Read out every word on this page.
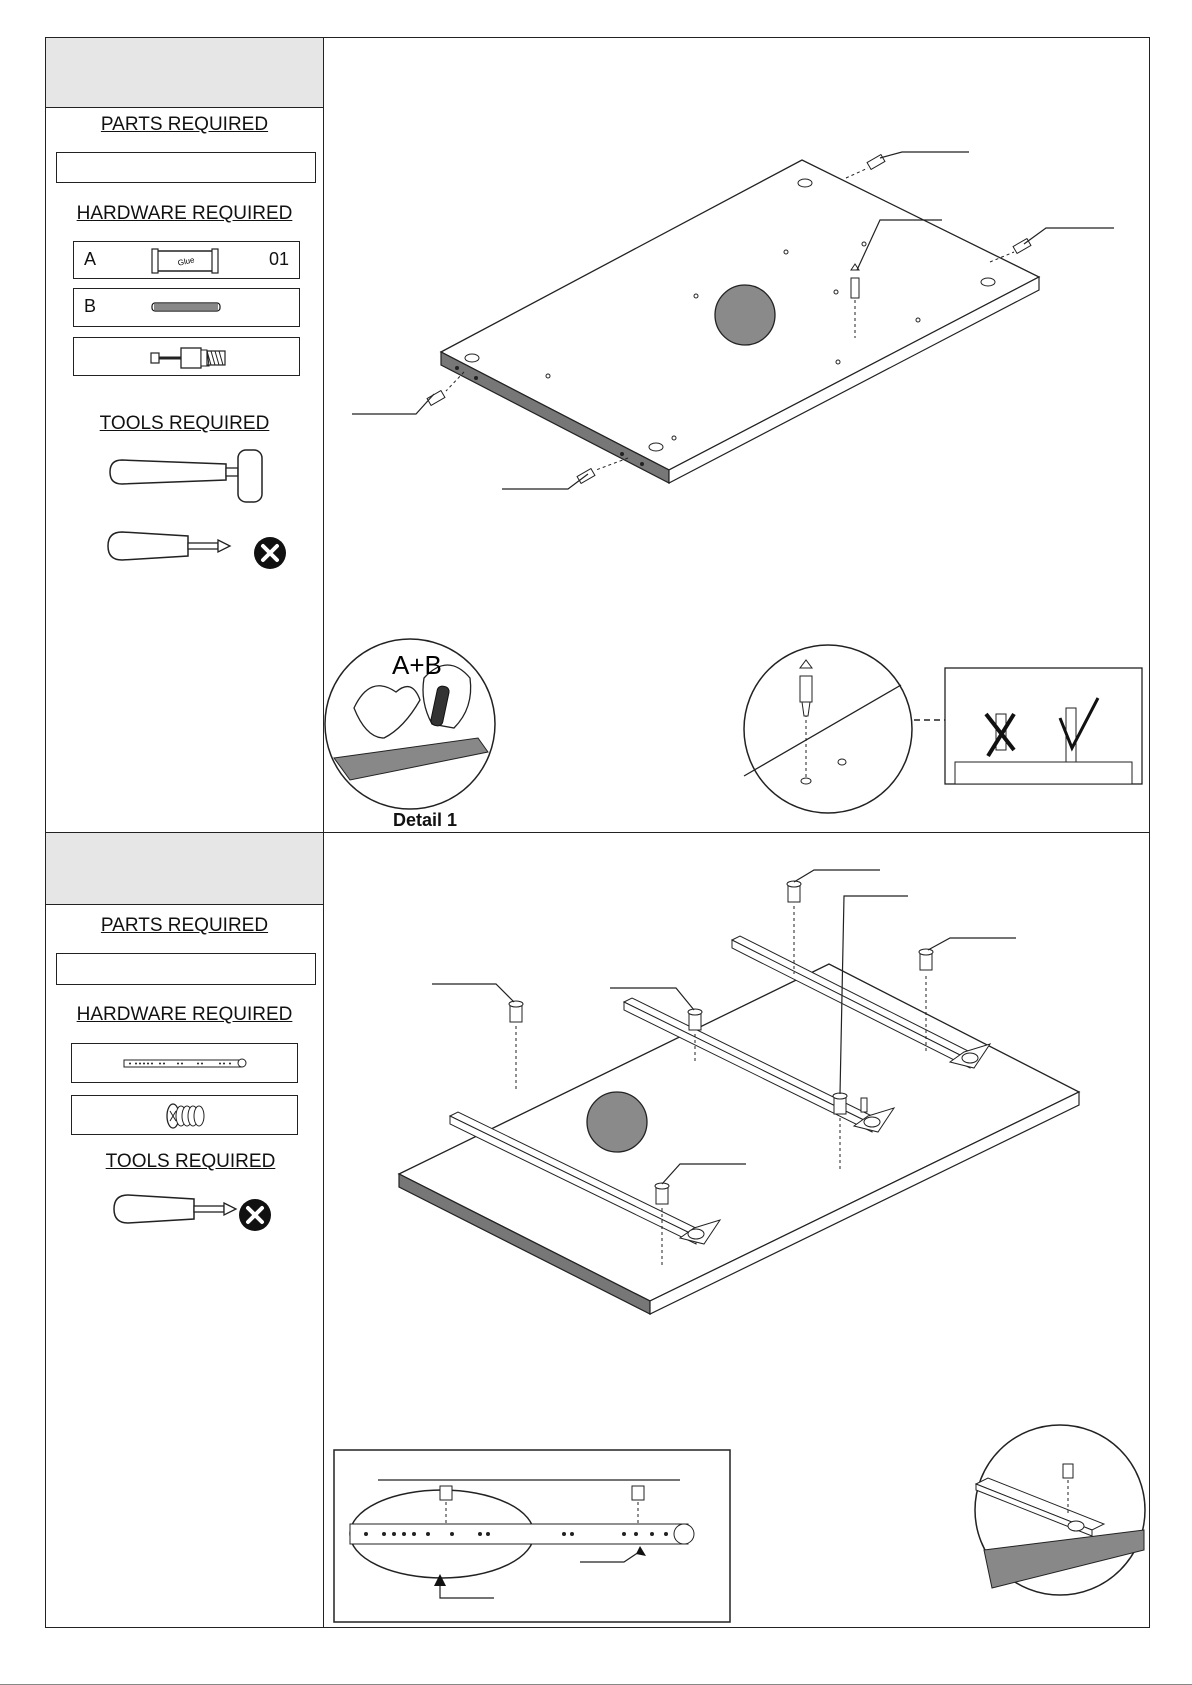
PARTS REQUIRED
HARDWARE REQUIRED
A	Glue	01
B
TOOLS REQUIRED
A+B
Detail 1
PARTS REQUIRED
HARDWARE REQUIRED
TOOLS REQUIRED
